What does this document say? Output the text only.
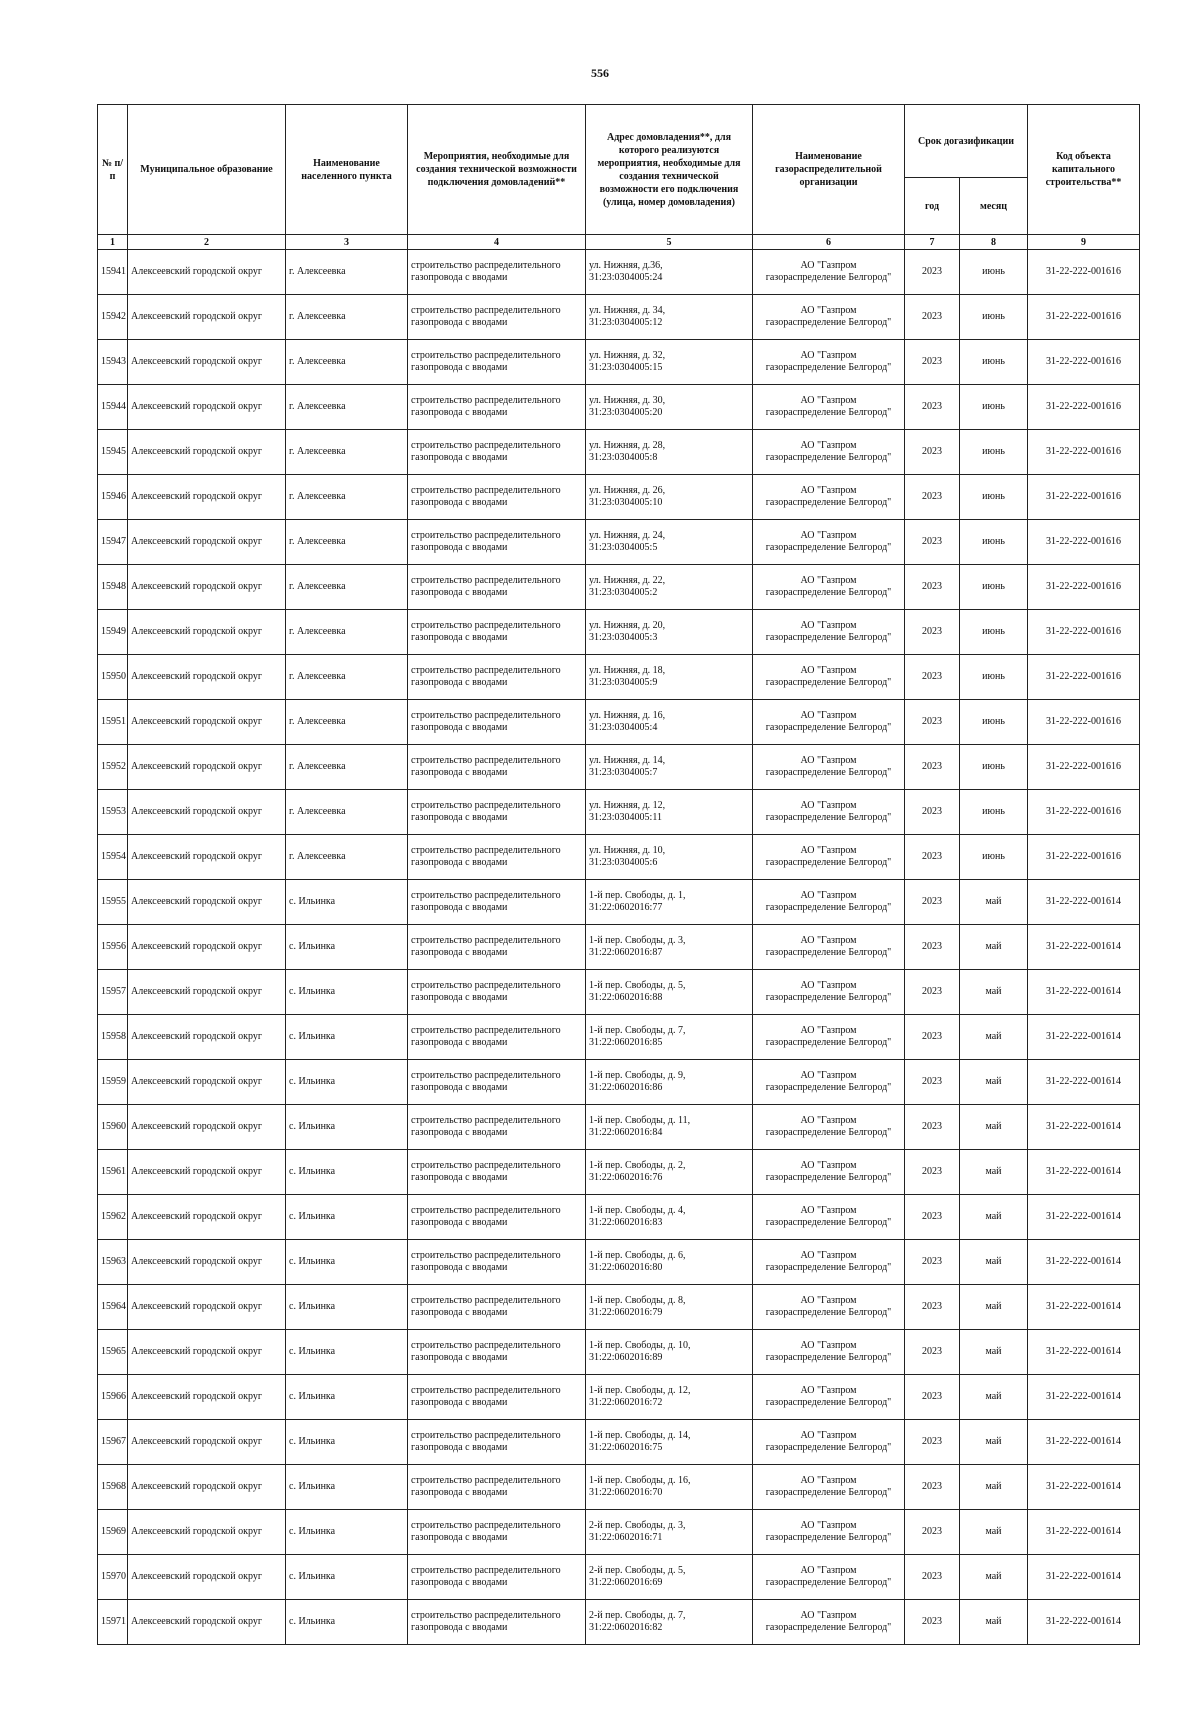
556
№ п/п	Муниципальное образование	Наименование населенного пункта	Мероприятия, необходимые для создания технической возможности подключения домовладений**	Адрес домовладения**, для которого реализуются мероприятия, необходимые для создания технической возможности его подключения (улица, номер домовладения)	Наименование газораспределительной организации	Срок догазификации		Код объекта капитального строительства**
						год	месяц	
1	2	3	4	5	6	7	8	9
15941	Алексеевский городской округ	г. Алексеевка	строительство распределительного газопровода с вводами	ул. Нижняя, д.36,
31:23:0304005:24	АО "Газпром
газораспределение Белгород"	2023	июнь	31-22-222-001616
15942	Алексеевский городской округ	г. Алексеевка	строительство распределительного газопровода с вводами	ул. Нижняя, д. 34,
31:23:0304005:12	АО "Газпром
газораспределение Белгород"	2023	июнь	31-22-222-001616
15943	Алексеевский городской округ	г. Алексеевка	строительство распределительного газопровода с вводами	ул. Нижняя, д. 32,
31:23:0304005:15	АО "Газпром
газораспределение Белгород"	2023	июнь	31-22-222-001616
15944	Алексеевский городской округ	г. Алексеевка	строительство распределительного газопровода с вводами	ул. Нижняя, д. 30,
31:23:0304005:20	АО "Газпром
газораспределение Белгород"	2023	июнь	31-22-222-001616
15945	Алексеевский городской округ	г. Алексеевка	строительство распределительного газопровода с вводами	ул. Нижняя, д. 28,
31:23:0304005:8	АО "Газпром
газораспределение Белгород"	2023	июнь	31-22-222-001616
15946	Алексеевский городской округ	г. Алексеевка	строительство распределительного газопровода с вводами	ул. Нижняя, д. 26,
31:23:0304005:10	АО "Газпром
газораспределение Белгород"	2023	июнь	31-22-222-001616
15947	Алексеевский городской округ	г. Алексеевка	строительство распределительного газопровода с вводами	ул. Нижняя, д. 24,
31:23:0304005:5	АО "Газпром
газораспределение Белгород"	2023	июнь	31-22-222-001616
15948	Алексеевский городской округ	г. Алексеевка	строительство распределительного газопровода с вводами	ул. Нижняя, д. 22,
31:23:0304005:2	АО "Газпром
газораспределение Белгород"	2023	июнь	31-22-222-001616
15949	Алексеевский городской округ	г. Алексеевка	строительство распределительного газопровода с вводами	ул. Нижняя, д. 20,
31:23:0304005:3	АО "Газпром
газораспределение Белгород"	2023	июнь	31-22-222-001616
15950	Алексеевский городской округ	г. Алексеевка	строительство распределительного газопровода с вводами	ул. Нижняя, д. 18,
31:23:0304005:9	АО "Газпром
газораспределение Белгород"	2023	июнь	31-22-222-001616
15951	Алексеевский городской округ	г. Алексеевка	строительство распределительного газопровода с вводами	ул. Нижняя, д. 16,
31:23:0304005:4	АО "Газпром
газораспределение Белгород"	2023	июнь	31-22-222-001616
15952	Алексеевский городской округ	г. Алексеевка	строительство распределительного газопровода с вводами	ул. Нижняя, д. 14,
31:23:0304005:7	АО "Газпром
газораспределение Белгород"	2023	июнь	31-22-222-001616
15953	Алексеевский городской округ	г. Алексеевка	строительство распределительного газопровода с вводами	ул. Нижняя, д. 12,
31:23:0304005:11	АО "Газпром
газораспределение Белгород"	2023	июнь	31-22-222-001616
15954	Алексеевский городской округ	г. Алексеевка	строительство распределительного газопровода с вводами	ул. Нижняя, д. 10,
31:23:0304005:6	АО "Газпром
газораспределение Белгород"	2023	июнь	31-22-222-001616
15955	Алексеевский городской округ	с. Ильинка	строительство распределительного газопровода с вводами	1-й пер. Свободы, д. 1,
31:22:0602016:77	АО "Газпром
газораспределение Белгород"	2023	май	31-22-222-001614
15956	Алексеевский городской округ	с. Ильинка	строительство распределительного газопровода с вводами	1-й пер. Свободы, д. 3,
31:22:0602016:87	АО "Газпром
газораспределение Белгород"	2023	май	31-22-222-001614
15957	Алексеевский городской округ	с. Ильинка	строительство распределительного газопровода с вводами	1-й пер. Свободы, д. 5,
31:22:0602016:88	АО "Газпром
газораспределение Белгород"	2023	май	31-22-222-001614
15958	Алексеевский городской округ	с. Ильинка	строительство распределительного газопровода с вводами	1-й пер. Свободы, д. 7,
31:22:0602016:85	АО "Газпром
газораспределение Белгород"	2023	май	31-22-222-001614
15959	Алексеевский городской округ	с. Ильинка	строительство распределительного газопровода с вводами	1-й пер. Свободы, д. 9,
31:22:0602016:86	АО "Газпром
газораспределение Белгород"	2023	май	31-22-222-001614
15960	Алексеевский городской округ	с. Ильинка	строительство распределительного газопровода с вводами	1-й пер. Свободы, д. 11,
31:22:0602016:84	АО "Газпром
газораспределение Белгород"	2023	май	31-22-222-001614
15961	Алексеевский городской округ	с. Ильинка	строительство распределительного газопровода с вводами	1-й пер. Свободы, д. 2,
31:22:0602016:76	АО "Газпром
газораспределение Белгород"	2023	май	31-22-222-001614
15962	Алексеевский городской округ	с. Ильинка	строительство распределительного газопровода с вводами	1-й пер. Свободы, д. 4,
31:22:0602016:83	АО "Газпром
газораспределение Белгород"	2023	май	31-22-222-001614
15963	Алексеевский городской округ	с. Ильинка	строительство распределительного газопровода с вводами	1-й пер. Свободы, д. 6,
31:22:0602016:80	АО "Газпром
газораспределение Белгород"	2023	май	31-22-222-001614
15964	Алексеевский городской округ	с. Ильинка	строительство распределительного газопровода с вводами	1-й пер. Свободы, д. 8,
31:22:0602016:79	АО "Газпром
газораспределение Белгород"	2023	май	31-22-222-001614
15965	Алексеевский городской округ	с. Ильинка	строительство распределительного газопровода с вводами	1-й пер. Свободы, д. 10,
31:22:0602016:89	АО "Газпром
газораспределение Белгород"	2023	май	31-22-222-001614
15966	Алексеевский городской округ	с. Ильинка	строительство распределительного газопровода с вводами	1-й пер. Свободы, д. 12,
31:22:0602016:72	АО "Газпром
газораспределение Белгород"	2023	май	31-22-222-001614
15967	Алексеевский городской округ	с. Ильинка	строительство распределительного газопровода с вводами	1-й пер. Свободы, д. 14,
31:22:0602016:75	АО "Газпром
газораспределение Белгород"	2023	май	31-22-222-001614
15968	Алексеевский городской округ	с. Ильинка	строительство распределительного газопровода с вводами	1-й пер. Свободы, д. 16,
31:22:0602016:70	АО "Газпром
газораспределение Белгород"	2023	май	31-22-222-001614
15969	Алексеевский городской округ	с. Ильинка	строительство распределительного газопровода с вводами	2-й пер. Свободы, д. 3,
31:22:0602016:71	АО "Газпром
газораспределение Белгород"	2023	май	31-22-222-001614
15970	Алексеевский городской округ	с. Ильинка	строительство распределительного газопровода с вводами	2-й пер. Свободы, д. 5,
31:22:0602016:69	АО "Газпром
газораспределение Белгород"	2023	май	31-22-222-001614
15971	Алексеевский городской округ	с. Ильинка	строительство распределительного газопровода с вводами	2-й пер. Свободы, д. 7,
31:22:0602016:82	АО "Газпром
газораспределение Белгород"	2023	май	31-22-222-001614
